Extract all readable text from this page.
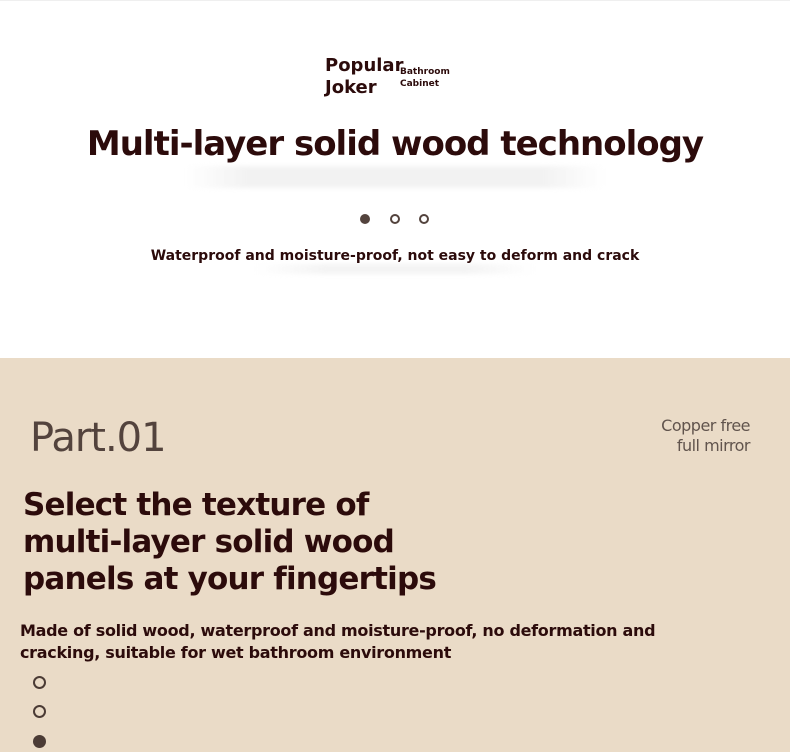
Popular
Joker
Bathroom
Cabinet
Multi-layer solid wood technology
Waterproof and moisture-proof, not easy to deform and crack
Part.01	Copper free
full mirror
Select the texture of
multi-layer solid wood
panels at your fingertips

Made of solid wood, waterproof and moisture-proof, no deformation and cracking, suitable for wet bathroom environment
